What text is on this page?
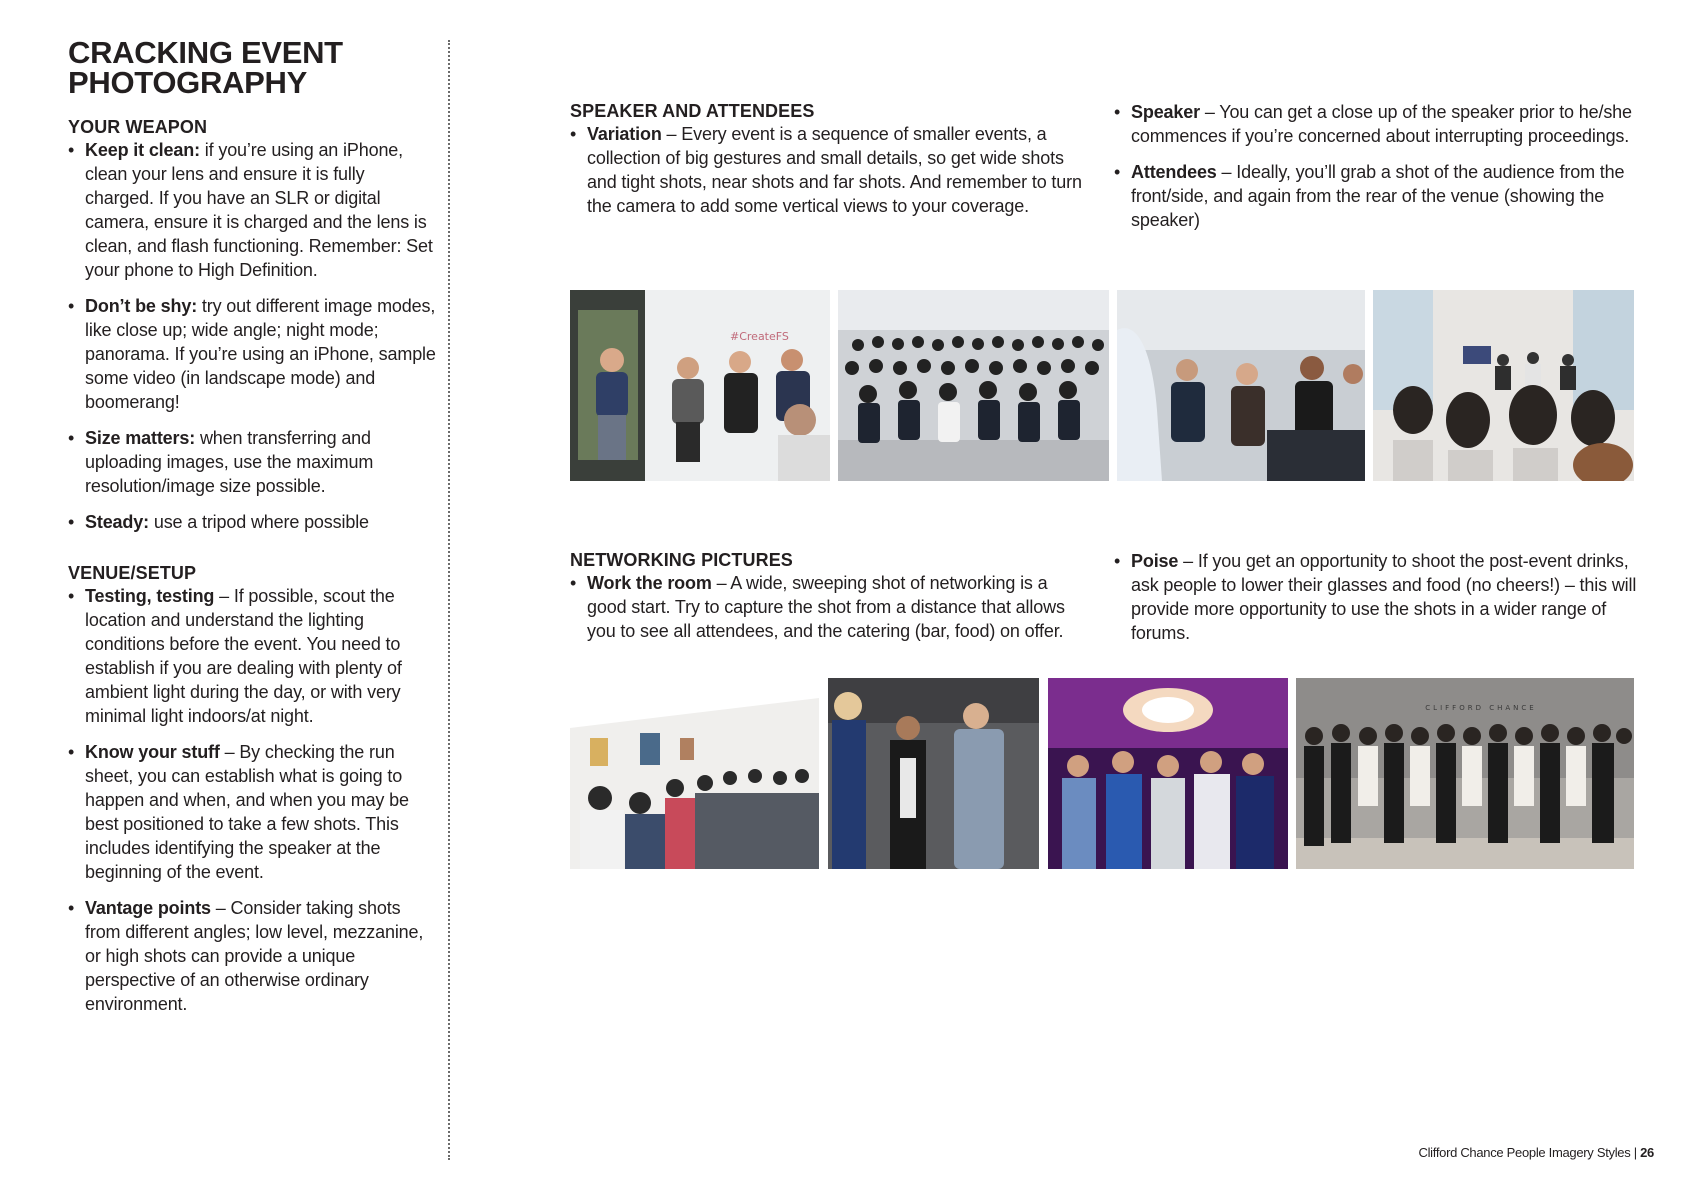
CRACKING EVENT PHOTOGRAPHY
YOUR WEAPON
• Keep it clean: if you’re using an iPhone, clean your lens and ensure it is fully charged. If you have an SLR or digital camera, ensure it is charged and the lens is clean, and flash functioning. Remember: Set your phone to High Definition.
• Don’t be shy: try out different image modes, like close up; wide angle; night mode; panorama. If you’re using an iPhone, sample some video (in landscape mode) and boomerang!
• Size matters: when transferring and uploading images, use the maximum resolution/image size possible.
• Steady: use a tripod where possible
VENUE/SETUP
• Testing, testing – If possible, scout the location and understand the lighting conditions before the event. You need to establish if you are dealing with plenty of ambient light during the day, or with very minimal light indoors/at night.
• Know your stuff – By checking the run sheet, you can establish what is going to happen and when, and when you may be best positioned to take a few shots. This includes identifying the speaker at the beginning of the event.
• Vantage points – Consider taking shots from different angles; low level, mezzanine, or high shots can provide a unique perspective of an otherwise ordinary environment.
SPEAKER AND ATTENDEES
• Variation – Every event is a sequence of smaller events, a collection of big gestures and small details, so get wide shots and tight shots, near shots and far shots. And remember to turn the camera to add some vertical views to your coverage.
• Speaker – You can get a close up of the speaker prior to he/she commences if you’re concerned about interrupting proceedings.
• Attendees – Ideally, you’ll grab a shot of the audience from the front/side, and again from the rear of the venue (showing the speaker)
#CreateFS
NETWORKING PICTURES
• Work the room – A wide, sweeping shot of networking is a good start. Try to capture the shot from a distance that allows you to see all attendees, and the catering (bar, food) on offer.
• Poise – If you get an opportunity to shoot the post-event drinks, ask people to lower their glasses and food (no cheers!) – this will provide more opportunity to use the shots in a wider range of forums.
CLIFFORD CHANCE
Clifford Chance People Imagery Styles | 26
